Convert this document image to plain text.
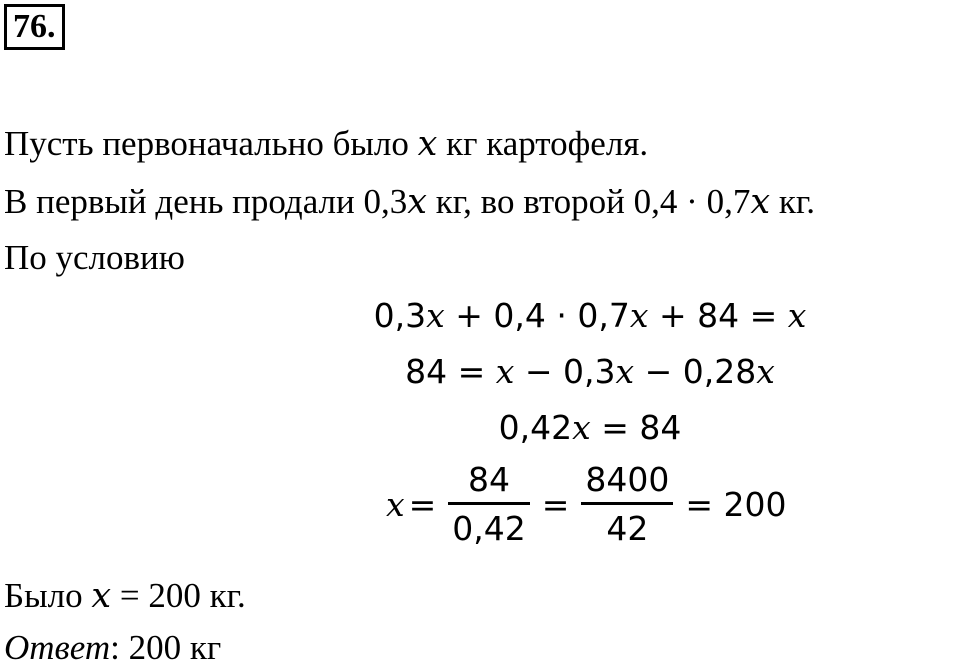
76.
Пусть первоначально было x кг картофеля.
В первый день продали 0,3x кг, во второй 0,4 · 0,7x кг.
По условию
0,3x + 0,4 · 0,7x + 84 = x
84 = x − 0,3x − 0,28x
0,42x = 84
$x = \frac{84}{0,42} = \frac{8400}{42} = 200$
Было x = 200 кг.
Ответ: 200 кг
